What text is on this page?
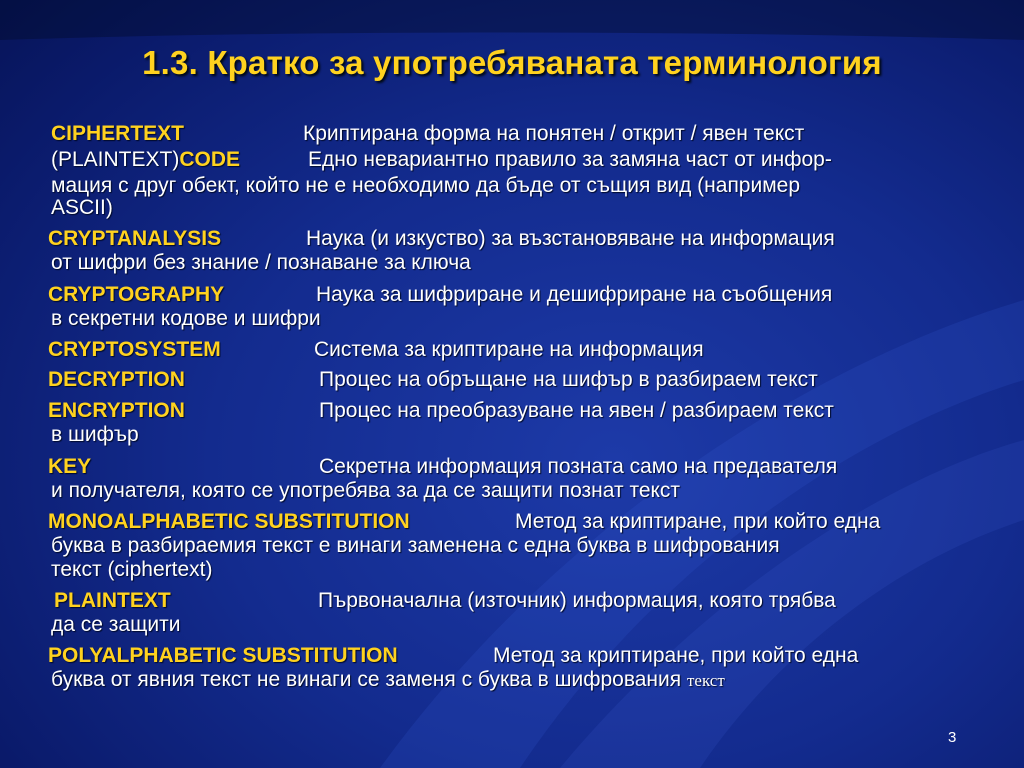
1.3. Кратко за употребяваната терминология
CIPHERTEXT	Криптирана форма на понятен / открит / явен текст
(PLAINTEXT)CODE	Едно невариантно правило за замяна част от инфор-
мация с друг обект, който не е необходимо да бъде от същия вид (например
ASCII)
CRYPTANALYSIS	Наука (и изкуство) за възстановяване на информация
от шифри без знание / познаване за ключа
CRYPTOGRAPHY	Наука за шифриране и дешифриране на съобщения
в секретни кодове и шифри
CRYPTOSYSTEM	Система за криптиране на информация
DECRYPTION	Процес на обръщане на шифър в разбираем текст
ENCRYPTION	Процес на преобразуване на явен / разбираем текст
в шифър
KEY	Секретна информация позната само на предавателя
и получателя, която се употребява за да се защити познат текст
MONOALPHABETIC SUBSTITUTION	Метод за криптиране, при който една
буква в разбираемия текст е винаги заменена с една буква в шифрования
текст (ciphertext)
PLAINTEXT	Първоначална (източник) информация, която трябва
да се защити
POLYALPHABETIC SUBSTITUTION	Метод за криптиране, при който една
буква от явния текст не винаги се заменя с буква в шифрования текст
3
